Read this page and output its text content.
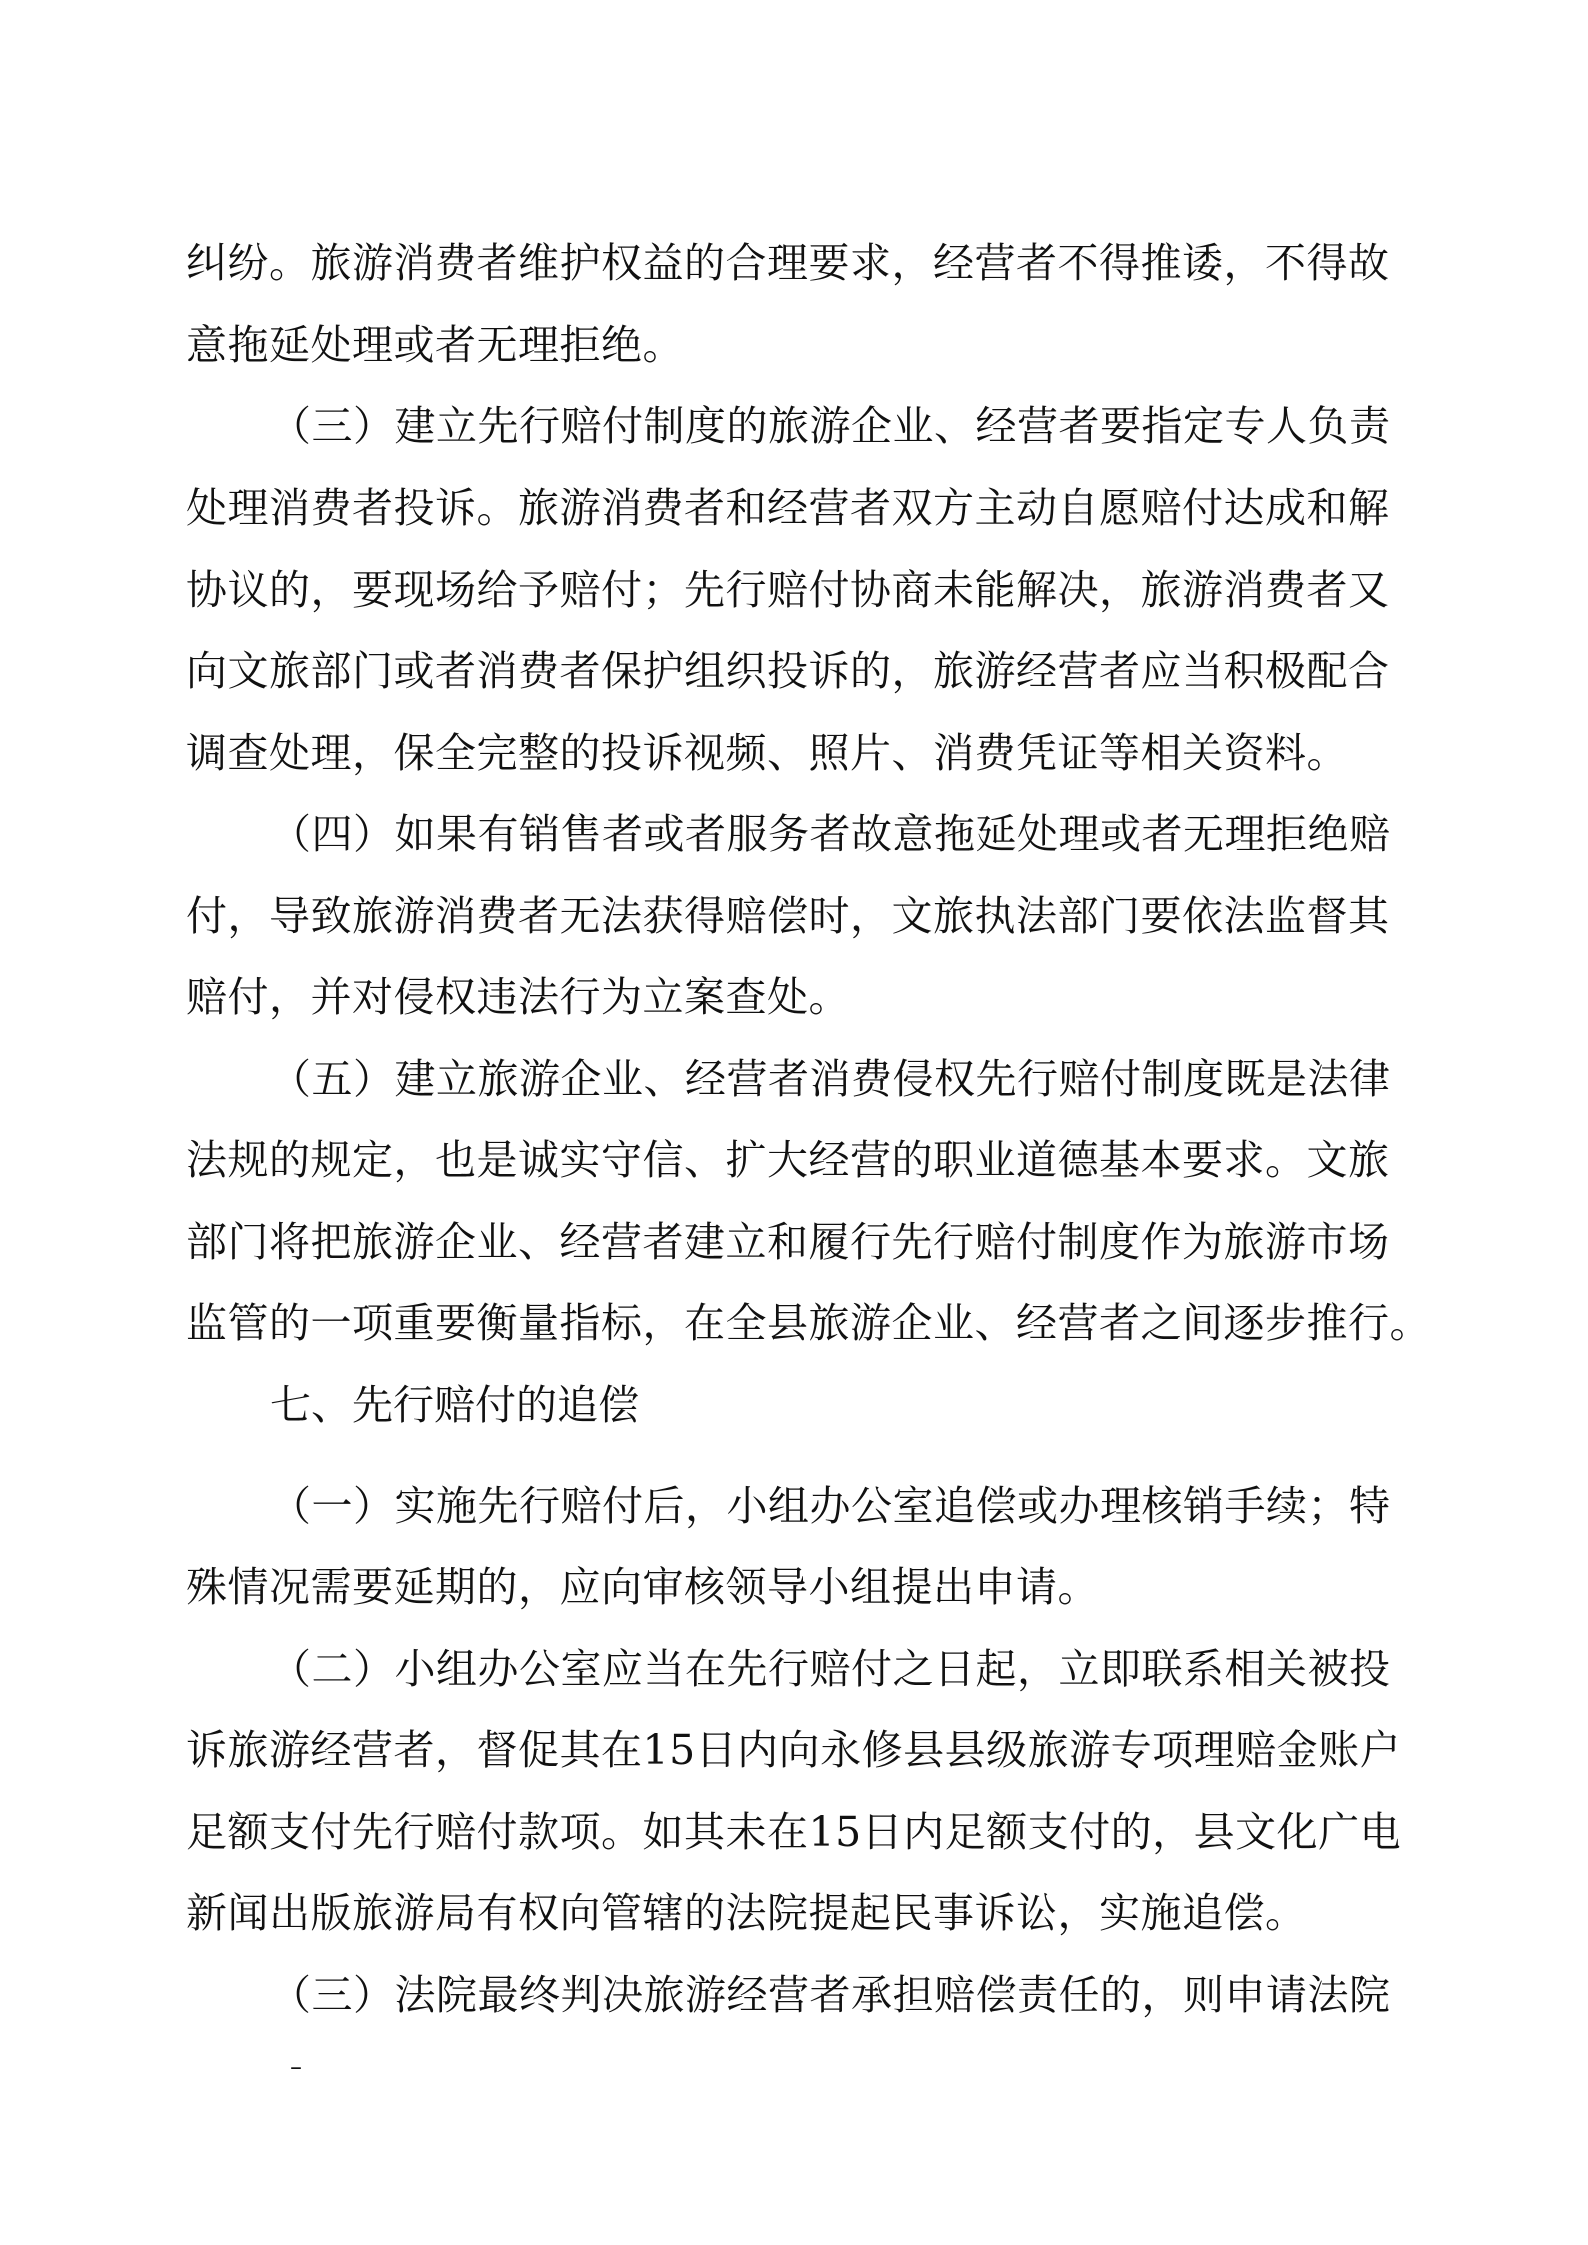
纠纷。旅游消费者维护权益的合理要求，经营者不得推诿，不得故
意拖延处理或者无理拒绝。
（三）建立先行赔付制度的旅游企业、经营者要指定专人负责
处理消费者投诉。旅游消费者和经营者双方主动自愿赔付达成和解
协议的，要现场给予赔付；先行赔付协商未能解决，旅游消费者又
向文旅部门或者消费者保护组织投诉的，旅游经营者应当积极配合
调查处理，保全完整的投诉视频、照片、消费凭证等相关资料。
（四）如果有销售者或者服务者故意拖延处理或者无理拒绝赔
付，导致旅游消费者无法获得赔偿时，文旅执法部门要依法监督其
赔付，并对侵权违法行为立案查处。
（五）建立旅游企业、经营者消费侵权先行赔付制度既是法律
法规的规定，也是诚实守信、扩大经营的职业道德基本要求。文旅
部门将把旅游企业、经营者建立和履行先行赔付制度作为旅游市场
监管的一项重要衡量指标，在全县旅游企业、经营者之间逐步推行。
七、先行赔付的追偿
（一）实施先行赔付后，小组办公室追偿或办理核销手续；特
殊情况需要延期的，应向审核领导小组提出申请。
（二）小组办公室应当在先行赔付之日起，立即联系相关被投
诉旅游经营者，督促其在15日内向永修县县级旅游专项理赔金账户
足额支付先行赔付款项。如其未在15日内足额支付的，县文化广电
新闻出版旅游局有权向管辖的法院提起民事诉讼，实施追偿。
（三）法院最终判决旅游经营者承担赔偿责任的，则申请法院
–
